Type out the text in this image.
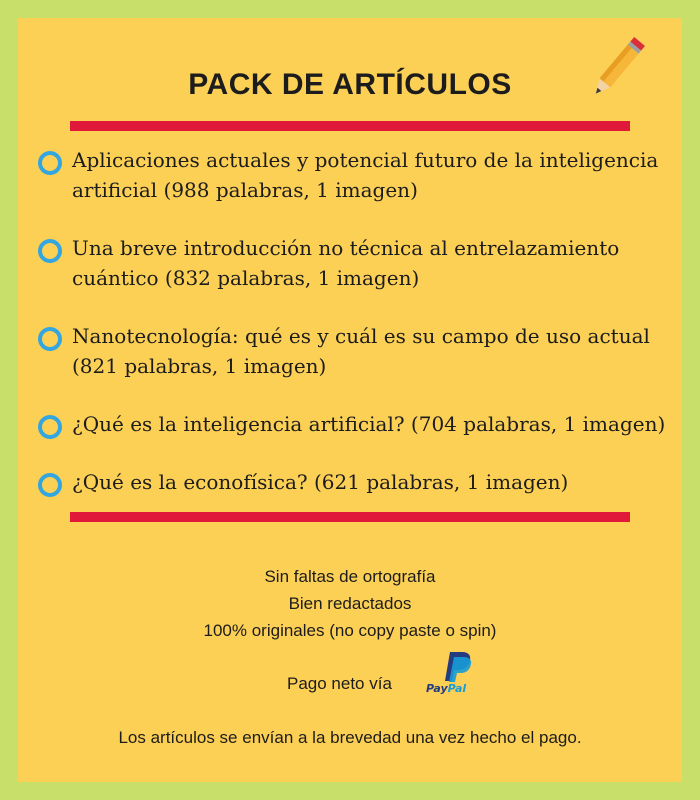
PACK DE ARTÍCULOS
Aplicaciones actuales y potencial futuro de la inteligencia artificial (988 palabras, 1 imagen)
Una breve introducción no técnica al entrelazamiento cuántico (832 palabras, 1 imagen)
Nanotecnología: qué es y cuál es su campo de uso actual (821 palabras, 1 imagen)
¿Qué es la inteligencia artificial? (704 palabras, 1 imagen)
¿Qué es la econofísica? (621 palabras, 1 imagen)
Sin faltas de ortografía
Bien redactados
100% originales (no copy paste o spin)
Pago neto vía	PayPal
Los artículos se envían a la brevedad una vez hecho el pago.
